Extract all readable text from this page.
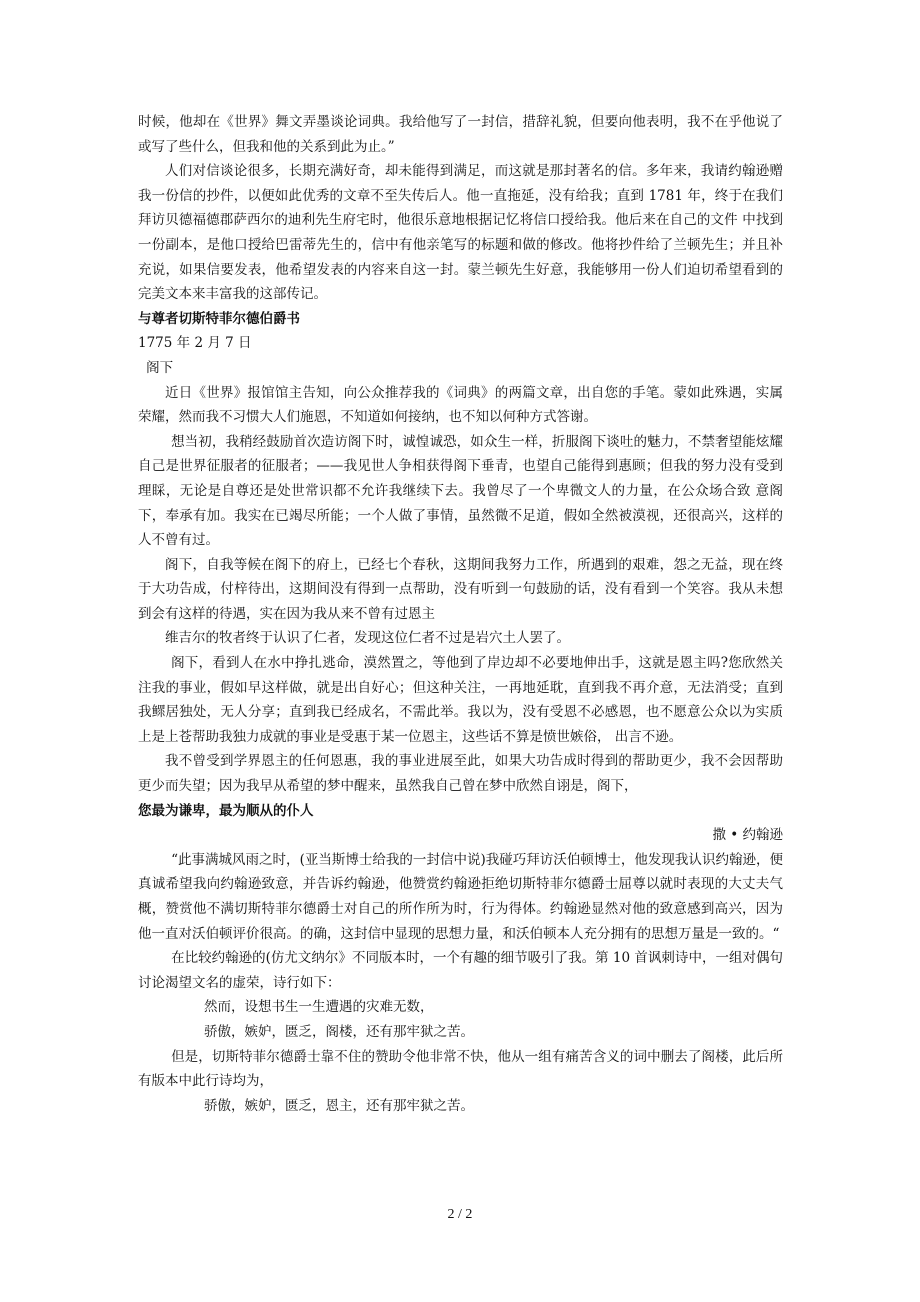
时候，他却在《世界》舞文弄墨谈论词典。我给他写了一封信，措辞礼貌，但要向他表明，我不在乎他说了或写了些什么，但我和他的关系到此为止。”

人们对信谈论很多，长期充满好奇，却未能得到满足，而这就是那封著名的信。多年来，我请约翰逊赠我一份信的抄件，以便如此优秀的文章不至失传后人。他一直拖延，没有给我；直到 1781 年，终于在我们拜访贝德福德郡萨西尔的迪利先生府宅时，他很乐意地根据记忆将信口授给我。他后来在自己的文件 中找到一份副本，是他口授给巴雷蒂先生的，信中有他亲笔写的标题和做的修改。他将抄件给了兰顿先生；并且补充说，如果信要发表，他希望发表的内容来自这一封。蒙兰顿先生好意，我能够用一份人们迫切希望看到的完美文本来丰富我的这部传记。

与尊者切斯特菲尔德伯爵书

1775 年 2 月 7 日

阁下

近日《世界》报馆馆主告知，向公众推荐我的《词典》的两篇文章，出自您的手笔。蒙如此殊遇，实属荣耀，然而我不习惯大人们施恩，不知道如何接纳，也不知以何种方式答谢。

想当初，我稍经鼓励首次造访阁下时，诚惶诚恐，如众生一样，折服阁下谈吐的魅力，不禁奢望能炫耀自己是世界征服者的征服者；——我见世人争相获得阁下垂青，也望自己能得到惠顾；但我的努力没有受到理睬，无论是自尊还是处世常识都不允许我继续下去。我曾尽了一个卑微文人的力量，在公众场合致 意阁下，奉承有加。我实在已竭尽所能；一个人做了事情，虽然微不足道，假如全然被漠视，还很高兴，这样的人不曾有过。

阁下，自我等候在阁下的府上，已经七个春秋，这期间我努力工作，所遇到的艰难，怨之无益，现在终于大功告成，付梓待出，这期间没有得到一点帮助，没有听到一句鼓励的话，没有看到一个笑容。我从未想到会有这样的待遇，实在因为我从来不曾有过恩主

维吉尔的牧者终于认识了仁者，发现这位仁者不过是岩穴土人罢了。

阁下，看到人在水中挣扎逃命，漠然置之，等他到了岸边却不必要地伸出手，这就是恩主吗?您欣然关注我的事业，假如早这样做，就是出自好心；但这种关注，一再地延耽，直到我不再介意，无法消受；直到我鳏居独处，无人分享；直到我已经成名，不需此举。我以为，没有受恩不必感恩，也不愿意公众以为实质上是上苍帮助我独力成就的事业是受惠于某一位恩主，这些话不算是愤世嫉俗， 出言不逊。

我不曾受到学界恩主的任何恩惠，我的事业进展至此，如果大功告成时得到的帮助更少，我不会因帮助更少而失望；因为我早从希望的梦中醒来，虽然我自己曾在梦中欣然自诩是，阁下，

您最为谦卑，最为顺从的仆人

撒 • 约翰逊

“此事满城风雨之时，(亚当斯博士给我的一封信中说)我碰巧拜访沃伯顿博士，他发现我认识约翰逊，便真诚希望我向约翰逊致意，并告诉约翰逊，他赞赏约翰逊拒绝切斯特菲尔德爵士屈尊以就时表现的大丈夫气概，赞赏他不满切斯特菲尔德爵士对自己的所作所为时，行为得体。约翰逊显然对他的致意感到高兴，因为他一直对沃伯顿评价很高。的确，这封信中显现的思想力量，和沃伯顿本人充分拥有的思想万量是一致的。“

在比较约翰逊的(仿尤文纳尔》不同版本时，一个有趣的细节吸引了我。第 10 首讽刺诗中，一组对偶句讨论渴望文名的虚荣，诗行如下：

然而，设想书生一生遭遇的灾难无数，

骄傲，嫉妒，匮乏，阁楼，还有那牢狱之苦。

但是，切斯特菲尔德爵士靠不住的赞助令他非常不快，他从一组有痛苦含义的词中删去了阁楼，此后所有版本中此行诗均为，

骄傲，嫉妒，匮乏，恩主，还有那牢狱之苦。

2 / 2
